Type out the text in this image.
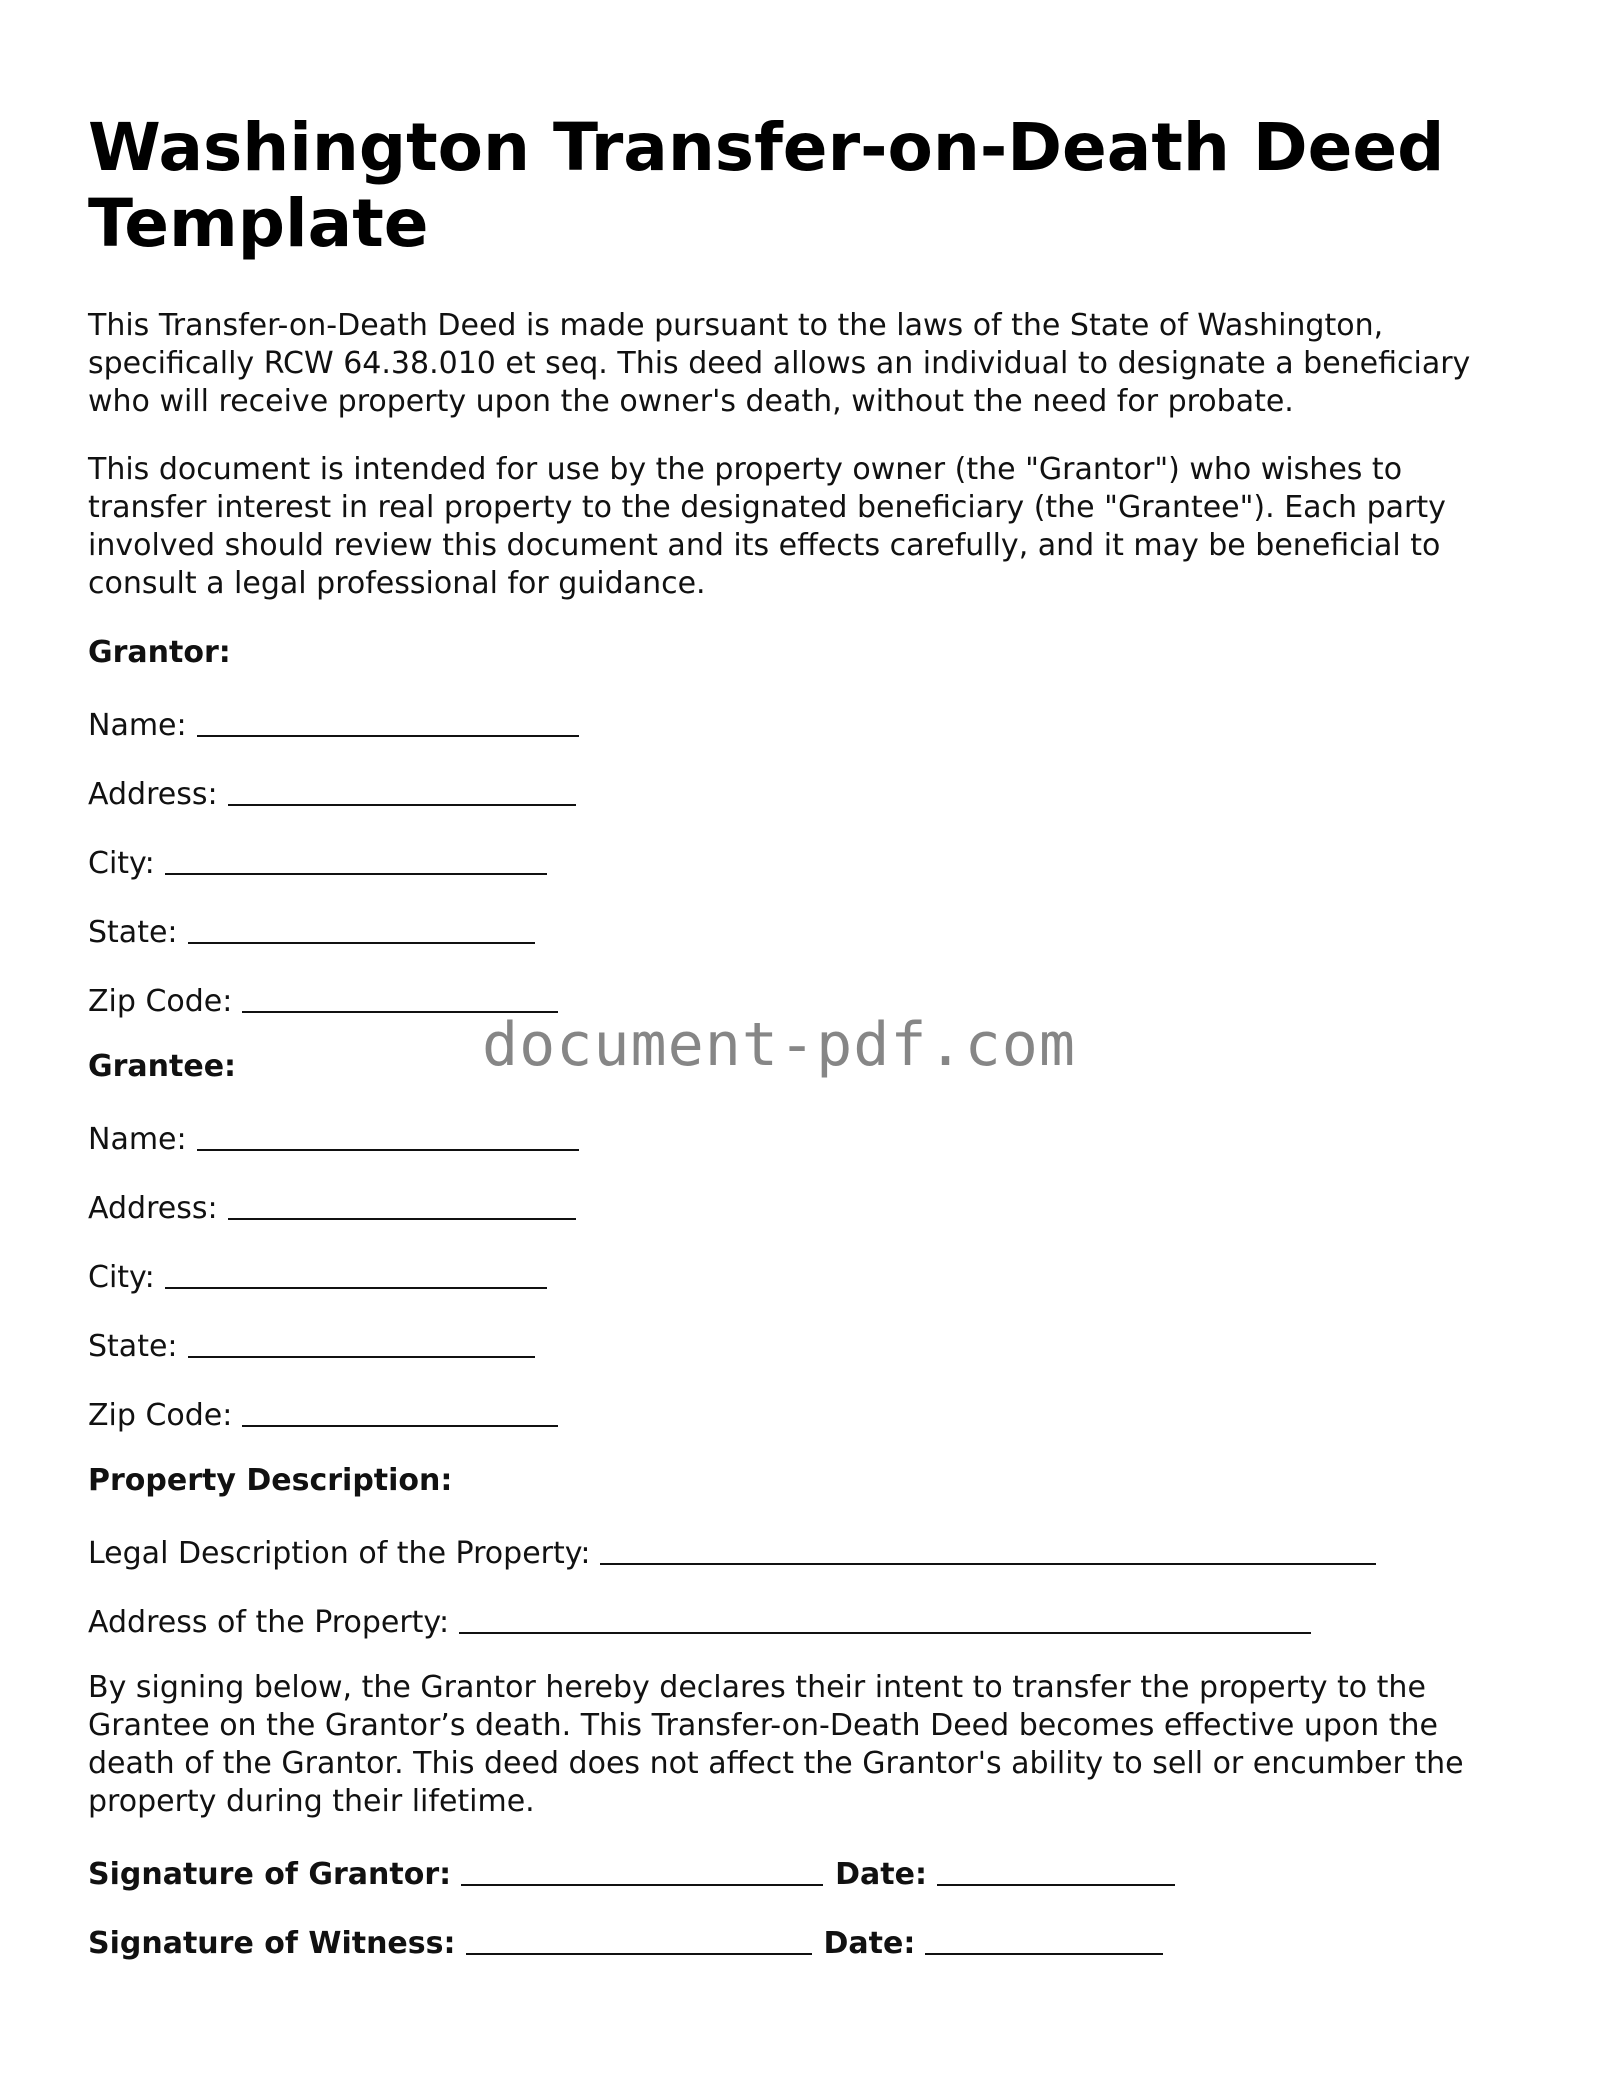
Washington Transfer-on-Death Deed Template

This Transfer-on-Death Deed is made pursuant to the laws of the State of Washington, specifically RCW 64.38.010 et seq. This deed allows an individual to designate a beneficiary who will receive property upon the owner's death, without the need for probate.

This document is intended for use by the property owner (the "Grantor") who wishes to transfer interest in real property to the designated beneficiary (the "Grantee"). Each party involved should review this document and its effects carefully, and it may be beneficial to consult a legal professional for guidance.

Grantor:
Name:
Address:
City:
State:
Zip Code:
Grantee:
Name:
Address:
City:
State:
Zip Code:
Property Description:
Legal Description of the Property:
Address of the Property:

By signing below, the Grantor hereby declares their intent to transfer the property to the Grantee on the Grantor’s death. This Transfer-on-Death Deed becomes effective upon the death of the Grantor. This deed does not affect the Grantor's ability to sell or encumber the property during their lifetime.

Signature of Grantor:	Date:
Signature of Witness:	Date:
document-pdf.com
